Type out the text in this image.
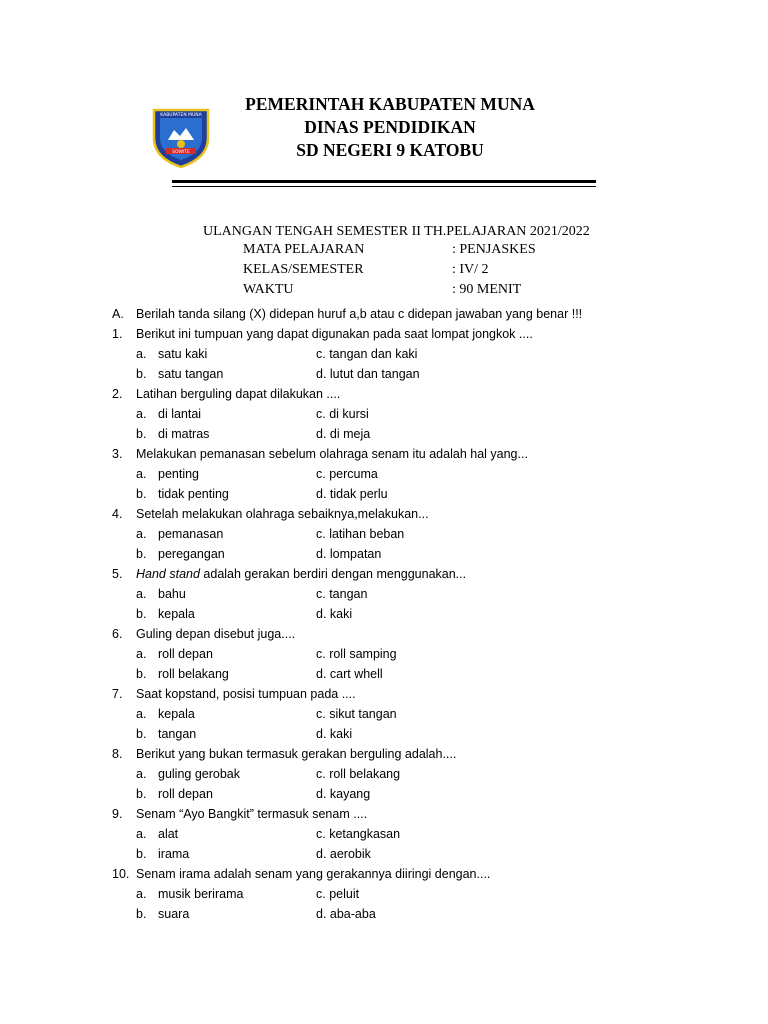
KABUPATEN MUNA
SOWITE
PEMERINTAH KABUPATEN MUNA
DINAS PENDIDIKAN
SD NEGERI 9 KATOBU
ULANGAN TENGAH SEMESTER II TH.PELAJARAN 2021/2022
MATA PELAJARAN	: PENJASKES
KELAS/SEMESTER	: IV/ 2
WAKTU	: 90 MENIT
A. Berilah tanda silang (X) didepan huruf a,b atau c didepan jawaban yang benar !!!
1. Berikut ini tumpuan yang dapat digunakan pada saat lompat jongkok ....
a. satu kaki	c. tangan dan kaki
b. satu tangan	d. lutut dan tangan
2. Latihan berguling dapat dilakukan ....
a. di lantai	c. di kursi
b. di matras	d. di meja
3. Melakukan pemanasan sebelum olahraga senam itu adalah hal yang...
a. penting	c. percuma
b. tidak penting	d. tidak perlu
4. Setelah melakukan olahraga sebaiknya,melakukan...
a. pemanasan	c. latihan beban
b. peregangan	d. lompatan
5. Hand stand adalah gerakan berdiri dengan menggunakan...
a. bahu	c. tangan
b. kepala	d. kaki
6. Guling depan disebut juga....
a. roll depan	c. roll samping
b. roll belakang	d. cart whell
7. Saat kopstand, posisi tumpuan pada ....
a. kepala	c. sikut tangan
b. tangan	d. kaki
8. Berikut yang bukan termasuk gerakan berguling adalah....
a. guling gerobak	c. roll belakang
b. roll depan	d. kayang
9. Senam “Ayo Bangkit” termasuk senam ....
a. alat	c. ketangkasan
b. irama	d. aerobik
10. Senam irama adalah senam yang gerakannya diiringi dengan....
a. musik berirama	c. peluit
b. suara	d. aba-aba
